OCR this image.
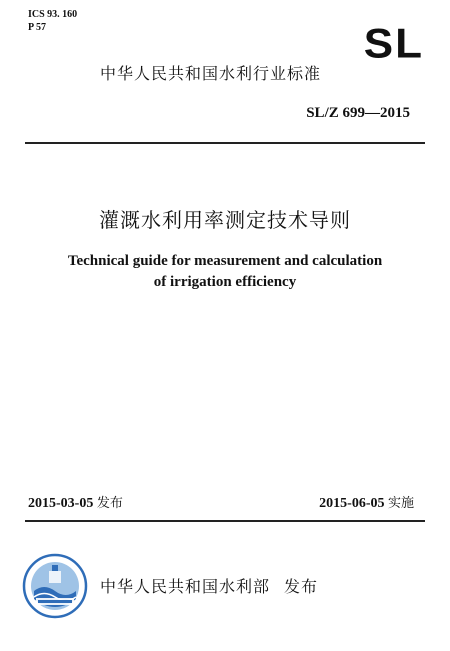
ICS 93. 160
P 57	SL
中华人民共和国水利行业标准
SL/Z 699—2015
灌溉水利用率测定技术导则
Technical guide for measurement and calculation
of irrigation efficiency
2015-03-05 发布	2015-06-05 实施
中华人民共和国水利部 发布
